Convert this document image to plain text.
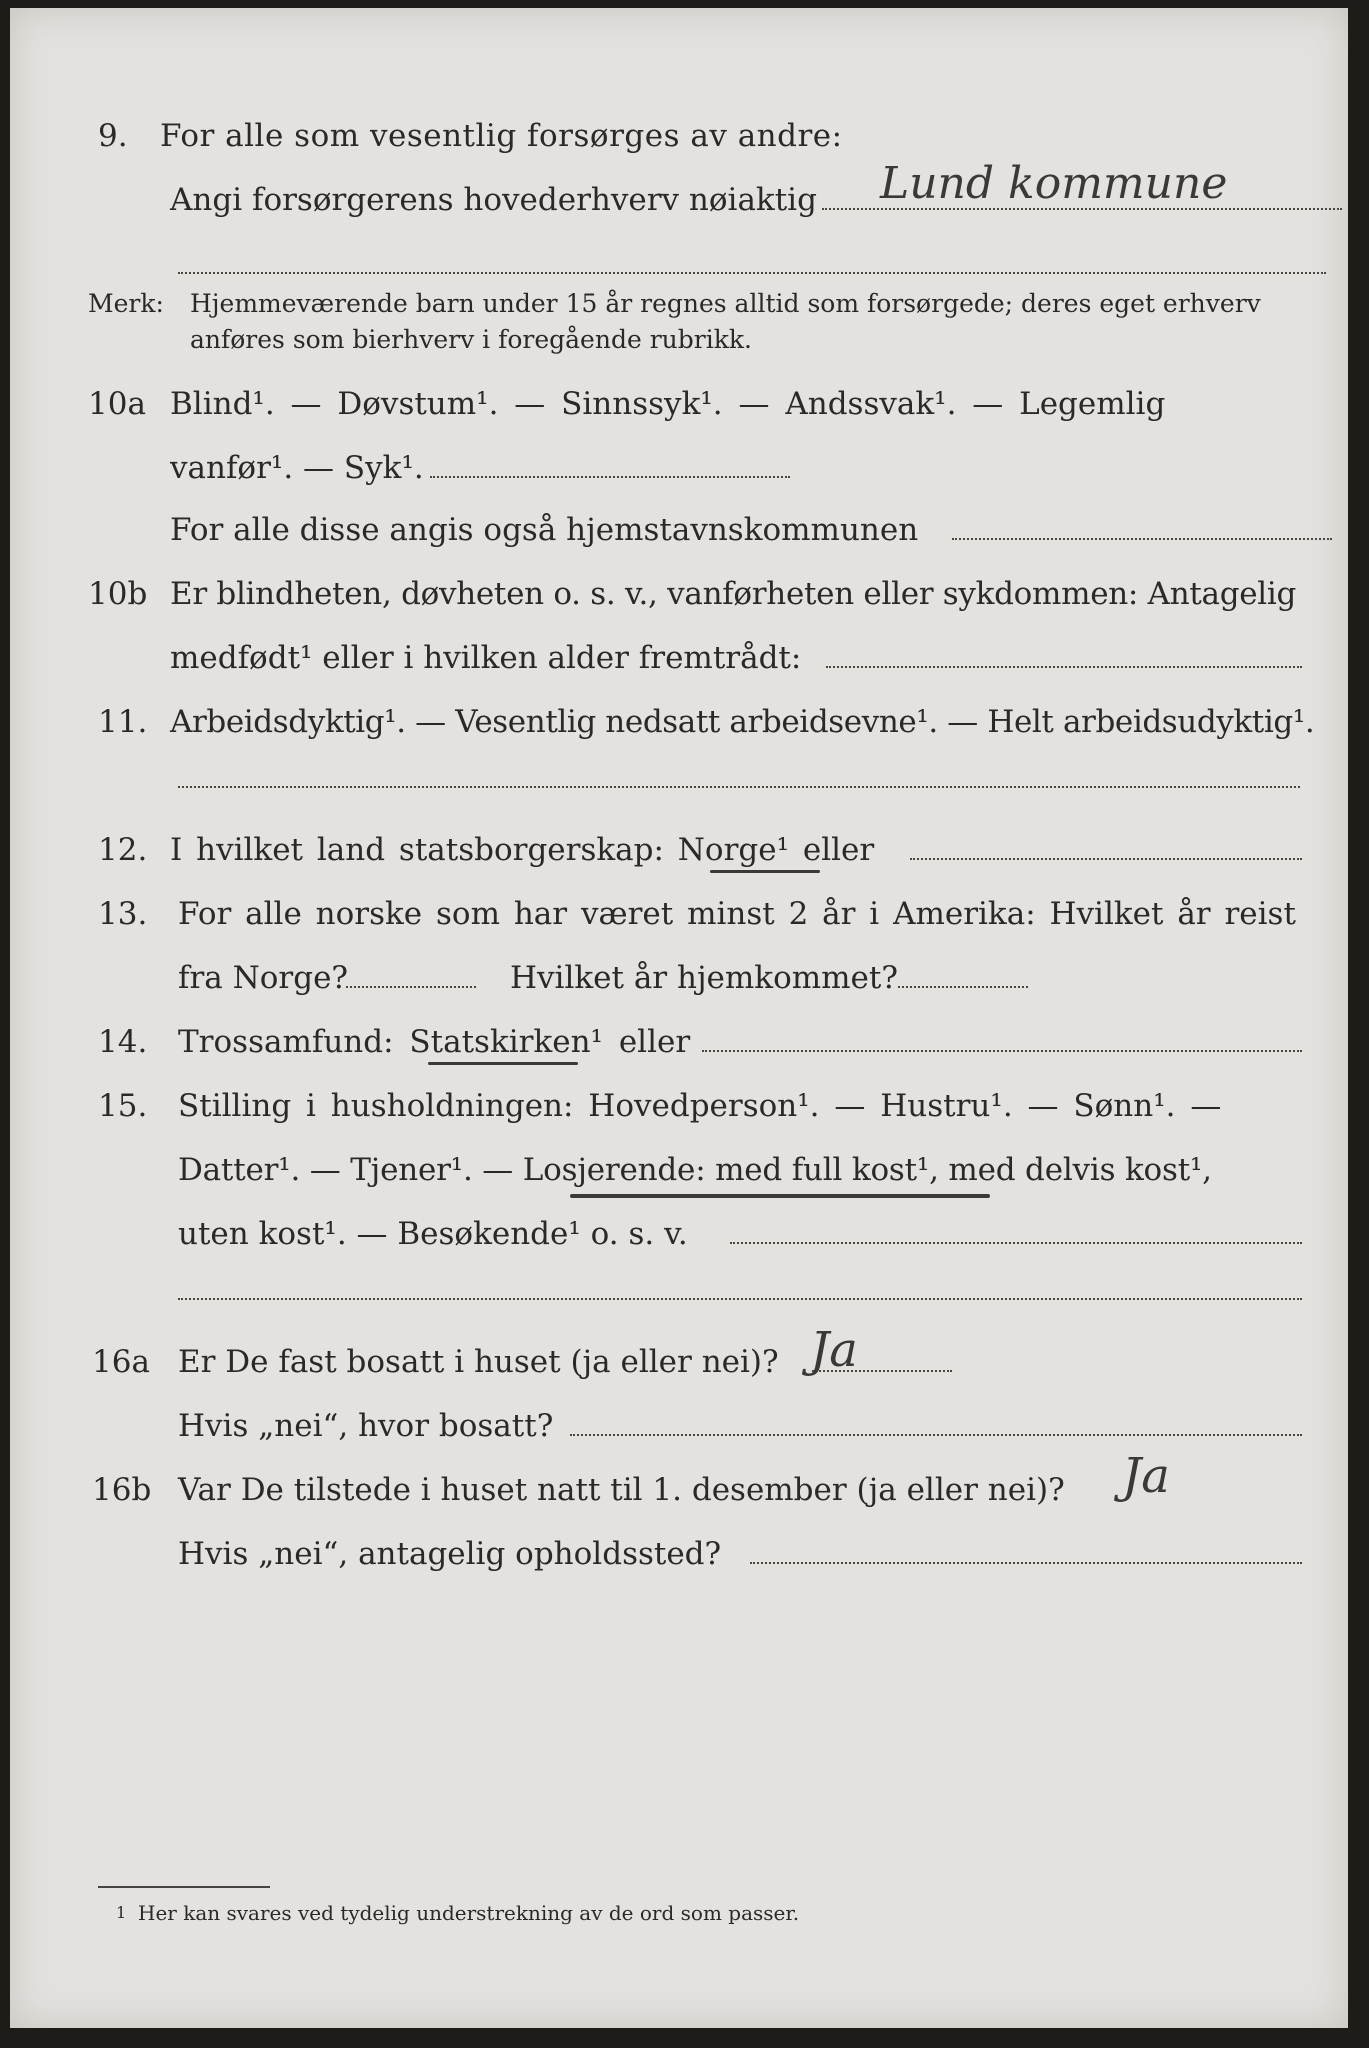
9. For alle som vesentlig forsørges av andre:
Angi forsørgerens hovederhverv nøiaktig Lund kommune
Merk: Hjemmeværende barn under 15 år regnes alltid som forsørgede; deres eget erhverv
anføres som bierhverv i foregående rubrikk.
10a Blind¹. — Døvstum¹. — Sinnssyk¹. — Andssvak¹. — Legemlig
vanfør¹. — Syk¹.
For alle disse angis også hjemstavnskommunen
10b Er blindheten, døvheten o. s. v., vanførheten eller sykdommen: Antagelig
medfødt¹ eller i hvilken alder fremtrådt:
11. Arbeidsdyktig¹. — Vesentlig nedsatt arbeidsevne¹. — Helt arbeidsudyktig¹.
12. I hvilket land statsborgerskap: Norge¹ eller
13. For alle norske som har været minst 2 år i Amerika: Hvilket år reist
fra Norge?	Hvilket år hjemkommet?
14. Trossamfund: Statskirken¹ eller
15. Stilling i husholdningen: Hovedperson¹. — Hustru¹. — Sønn¹. —
Datter¹. — Tjener¹. — Losjerende: med full kost¹, med delvis kost¹,
uten kost¹. — Besøkende¹ o. s. v.
16a Er De fast bosatt i huset (ja eller nei)? Ja
Hvis „nei“, hvor bosatt?
16b Var De tilstede i huset natt til 1. desember (ja eller nei)? Ja
Hvis „nei“, antagelig opholdssted?
1 Her kan svares ved tydelig understrekning av de ord som passer.
